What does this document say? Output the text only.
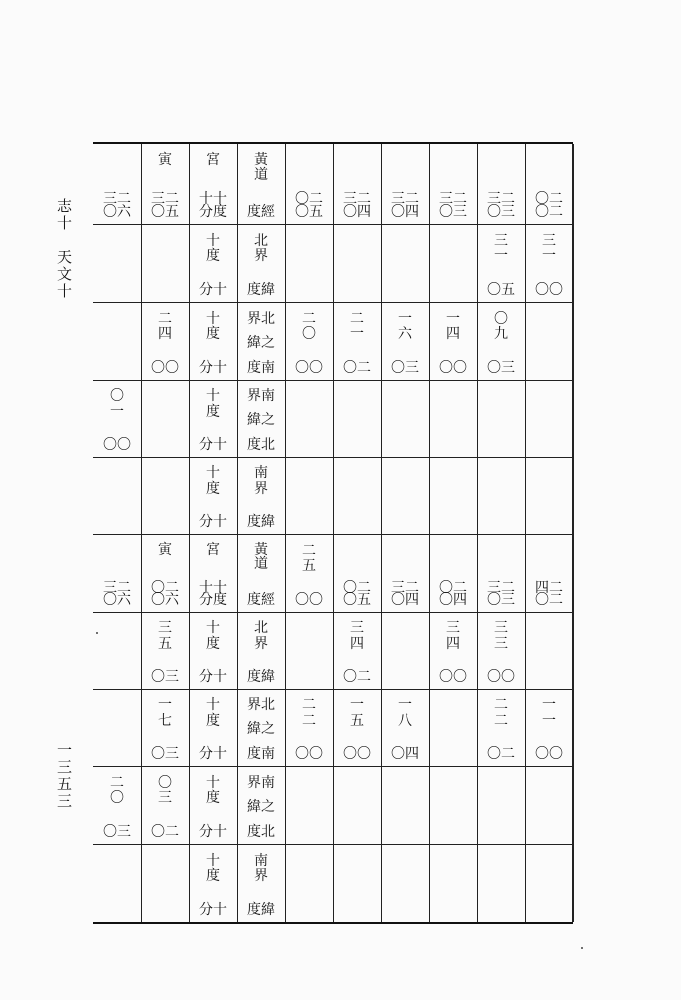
志十　天文十
一三五三
三二
〇六
寅
三二
〇五
宮
十十
分度
黃
道
度經
〇二
〇五
三二
〇四
三二
〇四
三二
〇三
三二
〇三
〇二
〇二
十
度
分十
北
界
度緯
三
一
〇五
三
一
〇〇
二
四
〇〇
十
度
分十
界北
緯之
度南
二
〇
〇〇
二
一
〇二
一
六
〇三
一
四
〇〇
〇
九
〇三
〇
一
〇〇
十
度
分十
界南
緯之
度北
十
度
分十
南
界
度緯
三二
〇六
寅
〇二
〇六
宮
十十
分度
黃
道
度經
二
五
〇〇
〇二
〇五
三二
〇四
〇二
〇四
三二
〇三
四二
〇二
三
五
〇三
十
度
分十
北
界
度緯
三
四
〇二
三
四
〇〇
三
三
〇〇
一
七
〇三
十
度
分十
界北
緯之
度南
二
二
〇〇
一
五
〇〇
一
八
〇四
二
二
〇二
一
一
〇〇
二
〇
〇三
〇
三
〇二
十
度
分十
界南
緯之
度北
十
度
分十
南
界
度緯
